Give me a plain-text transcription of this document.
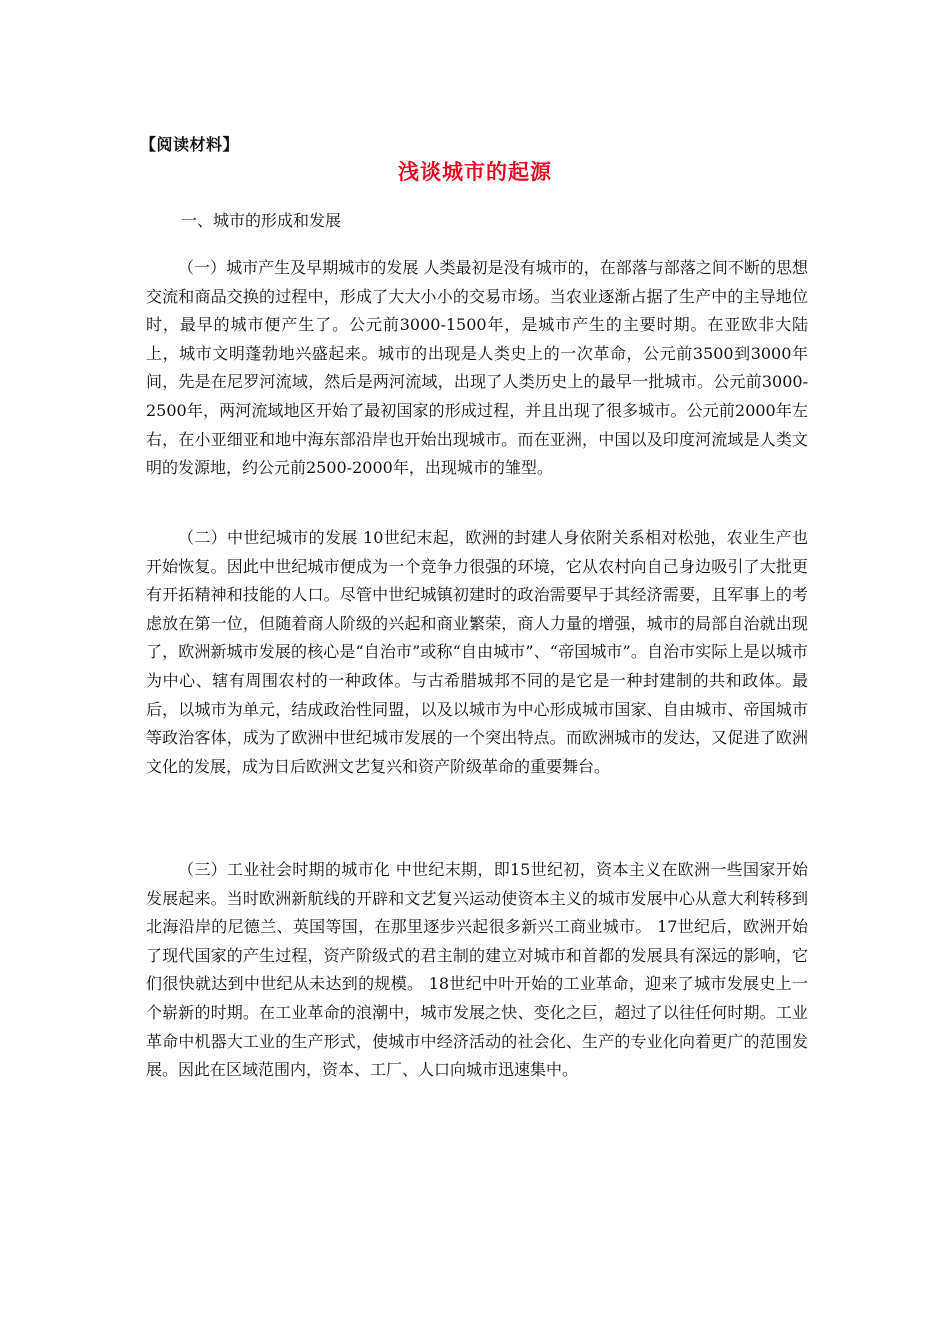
【阅读材料】
浅谈城市的起源
一、城市的形成和发展

（一）城市产生及早期城市的发展 人类最初是没有城市的，在部落与部落之间不断的思想交流和商品交换的过程中，形成了大大小小的交易市场。当农业逐渐占据了生产中的主导地位时，最早的城市便产生了。公元前3000-1500年，是城市产生的主要时期。在亚欧非大陆上，城市文明蓬勃地兴盛起来。城市的出现是人类史上的一次革命，公元前3500到3000年间，先是在尼罗河流域，然后是两河流域，出现了人类历史上的最早一批城市。公元前3000-2500年，两河流域地区开始了最初国家的形成过程，并且出现了很多城市。公元前2000年左右，在小亚细亚和地中海东部沿岸也开始出现城市。而在亚洲，中国以及印度河流域是人类文明的发源地，约公元前2500-2000年，出现城市的雏型。

（二）中世纪城市的发展 10世纪末起，欧洲的封建人身依附关系相对松弛，农业生产也开始恢复。因此中世纪城市便成为一个竞争力很强的环境，它从农村向自己身边吸引了大批更有开拓精神和技能的人口。尽管中世纪城镇初建时的政治需要早于其经济需要，且军事上的考虑放在第一位，但随着商人阶级的兴起和商业繁荣，商人力量的增强，城市的局部自治就出现了，欧洲新城市发展的核心是“自治市”或称“自由城市”、“帝国城市”。自治市实际上是以城市为中心、辖有周围农村的一种政体。与古希腊城邦不同的是它是一种封建制的共和政体。最后，以城市为单元，结成政治性同盟，以及以城市为中心形成城市国家、自由城市、帝国城市等政治客体，成为了欧洲中世纪城市发展的一个突出特点。而欧洲城市的发达，又促进了欧洲文化的发展，成为日后欧洲文艺复兴和资产阶级革命的重要舞台。

（三）工业社会时期的城市化 中世纪末期，即15世纪初，资本主义在欧洲一些国家开始发展起来。当时欧洲新航线的开辟和文艺复兴运动使资本主义的城市发展中心从意大利转移到北海沿岸的尼德兰、英国等国，在那里逐步兴起很多新兴工商业城市。 17世纪后，欧洲开始了现代国家的产生过程，资产阶级式的君主制的建立对城市和首都的发展具有深远的影响，它们很快就达到中世纪从未达到的规模。 18世纪中叶开始的工业革命，迎来了城市发展史上一个崭新的时期。在工业革命的浪潮中，城市发展之快、变化之巨，超过了以往任何时期。工业革命中机器大工业的生产形式，使城市中经济活动的社会化、生产的专业化向着更广的范围发展。因此在区域范围内，资本、工厂、人口向城市迅速集中。
